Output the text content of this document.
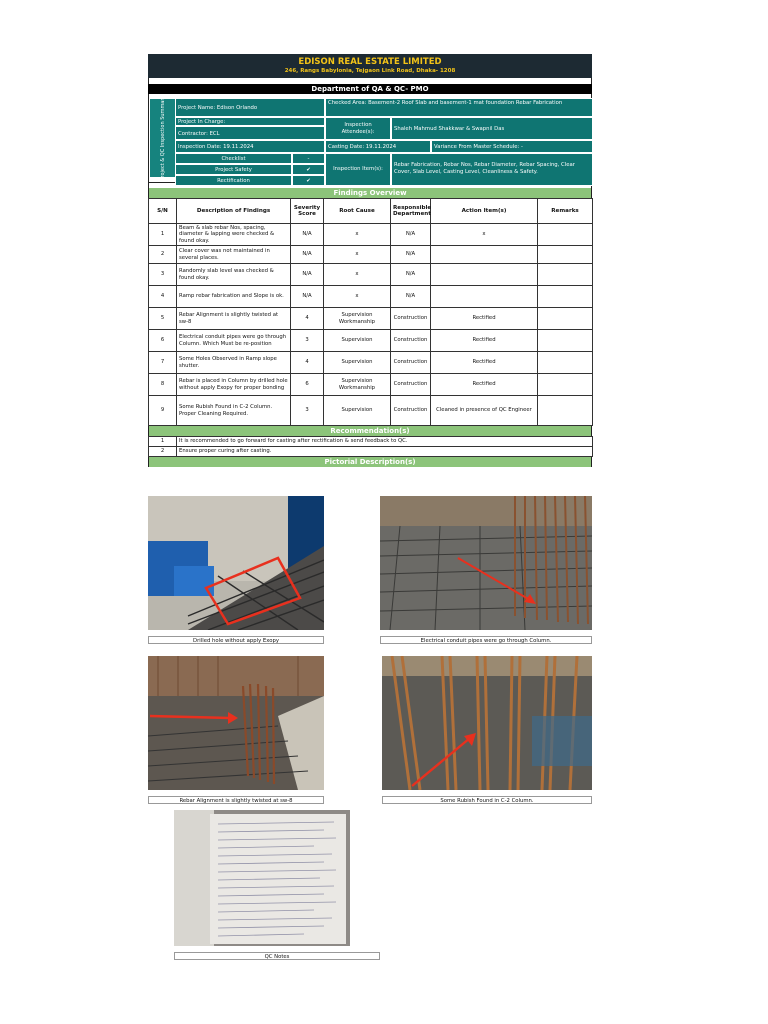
EDISON REAL ESTATE LIMITED
246, Rangs Babylonia, Tejgaon Link Road, Dhaka- 1208
Department of QA & QC- PMO
Project & QC Inspection Summary	Project Name: Edison Orlando
Project In Charge:
Contractor: ECL
Inspection Date: 19.11.2024
Checklist	-
Project Safety	✔
Rectification	✔
Checked Area: Basement-2 Roof Slab and basement-1 mat foundation Rebar Fabrication
Inspection Attendee(s):	Shaleh Mahmud Shakkwar & Swapnil Das
Casting Date: 19.11.2024	Variance From Master Schedule: -
Inspection Item(s):
Rebar Fabrication, Rebar Nos, Rebar Diameter, Rebar Spacing, Clear Cover, Slab Level, Casting Level, Cleanliness & Safety.
Findings Overview
S/N	Description of Findings	Severity Score	Root Cause	Responsible Department	Action Item(s)	Remarks
1	Beam & slab rebar Nos, spacing, diameter & lapping were checked & found okay.	N/A	x	N/A	x	
2	Clear cover was not maintained in several places.	N/A	x	N/A		
3	Randomly slab level was checked & found okay.	N/A	x	N/A		
4	Ramp rebar fabrication and Slope is ok.	N/A	x	N/A		
5	Rebar Alignment is slightly twisted at sw-8	4	Supervision Workmanship	Construction	Rectified	
6	Electrical conduit pipes were go through Column. Which Must be re-position	3	Supervision	Construction	Rectified	
7	Some Holes Observed in Ramp slope shutter.	4	Supervision	Construction	Rectified	
8	Rebar is placed in Column by drilled hole without apply Exopy for proper bonding	6	Supervision Workmanship	Construction	Rectified	
9	Some Rubish Found in C-2 Column. Proper Cleaning Required.	3	Supervision	Construction	Cleaned in presence of QC Engineer	
Recommendation(s)
1	It is recommended to go forward for casting after rectification & send feedback to QC.
2	Ensure proper curing after casting.
Pictorial Description(s)
Drilled hole without apply Exopy	Electrical conduit pipes were go through Column.
Rebar Alignment is slightly twisted at sw-8	Some Rubish Found in C-2 Column.
QC Notes
